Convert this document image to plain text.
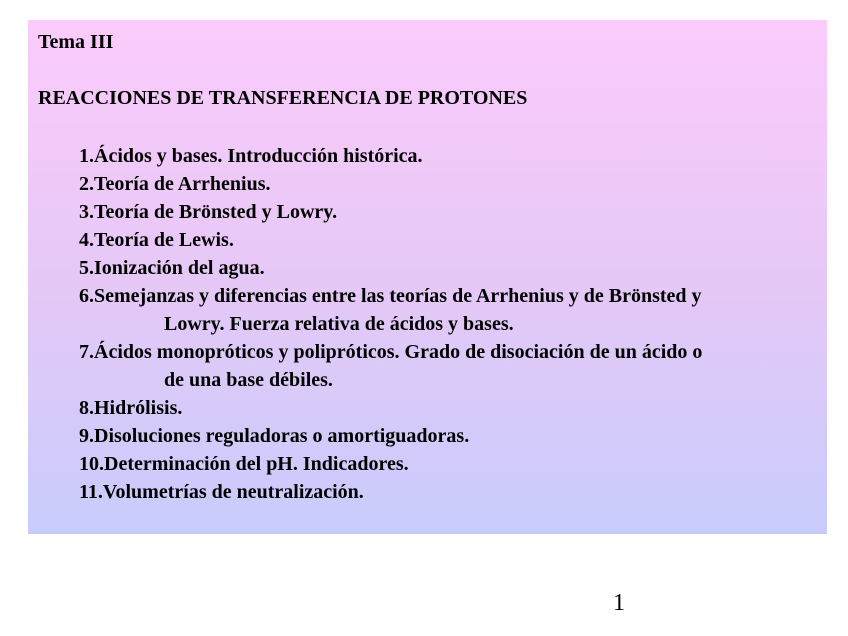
Tema III

REACCIONES DE TRANSFERENCIA DE PROTONES

1.Ácidos y bases. Introducción histórica.
2.Teoría de Arrhenius.
3.Teoría de Brönsted y Lowry.
4.Teoría de Lewis.
5.Ionización del agua.
6.Semejanzas y diferencias entre las teorías de Arrhenius y de Brönsted y
Lowry. Fuerza relativa de ácidos y bases.
7.Ácidos monopróticos y polipróticos. Grado de disociación de un ácido o
de una base débiles.
8.Hidrólisis.
9.Disoluciones reguladoras o amortiguadoras.
10.Determinación del pH. Indicadores.
11.Volumetrías de neutralización.

1
